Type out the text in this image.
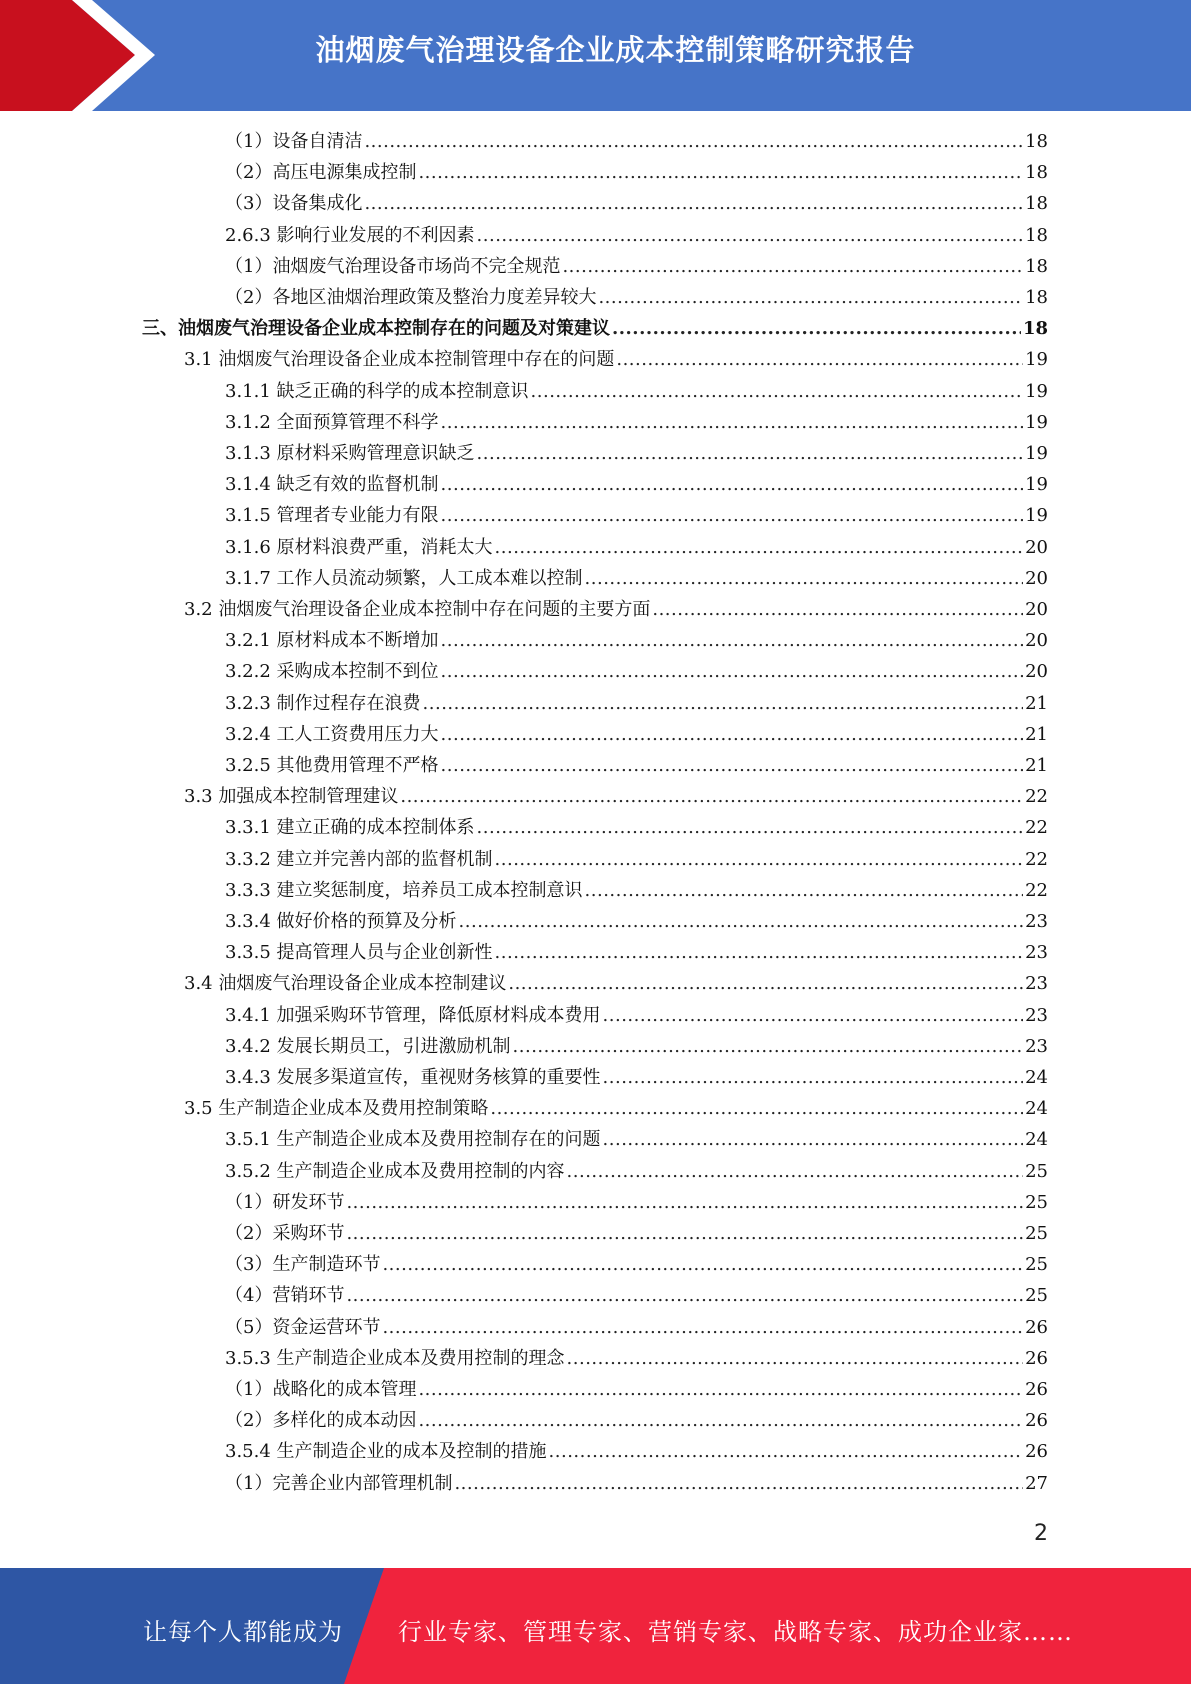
油烟废气治理设备企业成本控制策略研究报告
（1）设备自清洁 .....	18
（2）高压电源集成控制 .....	18
（3）设备集成化 .....	18
2.6.3 影响行业发展的不利因素 .....	18
（1）油烟废气治理设备市场尚不完全规范 .....	18
（2）各地区油烟治理政策及整治力度差异较大 .....	18
三、油烟废气治理设备企业成本控制存在的问题及对策建议 .....	18
3.1 油烟废气治理设备企业成本控制管理中存在的问题 .....	19
3.1.1 缺乏正确的科学的成本控制意识 .....	19
3.1.2 全面预算管理不科学 .....	19
3.1.3 原材料采购管理意识缺乏 .....	19
3.1.4 缺乏有效的监督机制 .....	19
3.1.5 管理者专业能力有限 .....	19
3.1.6 原材料浪费严重，消耗太大 .....	20
3.1.7 工作人员流动频繁，人工成本难以控制 .....	20
3.2 油烟废气治理设备企业成本控制中存在问题的主要方面 .....	20
3.2.1 原材料成本不断增加 .....	20
3.2.2 采购成本控制不到位 .....	20
3.2.3 制作过程存在浪费 .....	21
3.2.4 工人工资费用压力大 .....	21
3.2.5 其他费用管理不严格 .....	21
3.3 加强成本控制管理建议 .....	22
3.3.1 建立正确的成本控制体系 .....	22
3.3.2 建立并完善内部的监督机制 .....	22
3.3.3 建立奖惩制度，培养员工成本控制意识 .....	22
3.3.4 做好价格的预算及分析 .....	23
3.3.5 提高管理人员与企业创新性 .....	23
3.4 油烟废气治理设备企业成本控制建议 .....	23
3.4.1 加强采购环节管理，降低原材料成本费用 .....	23
3.4.2 发展长期员工，引进激励机制 .....	23
3.4.3 发展多渠道宣传，重视财务核算的重要性 .....	24
3.5 生产制造企业成本及费用控制策略 .....	24
3.5.1 生产制造企业成本及费用控制存在的问题 .....	24
3.5.2 生产制造企业成本及费用控制的内容 .....	25
（1）研发环节 .....	25
（2）采购环节 .....	25
（3）生产制造环节 .....	25
（4）营销环节 .....	25
（5）资金运营环节 .....	26
3.5.3 生产制造企业成本及费用控制的理念 .....	26
（1）战略化的成本管理 .....	26
（2）多样化的成本动因 .....	26
3.5.4 生产制造企业的成本及控制的措施 .....	26
（1）完善企业内部管理机制 .....	27
2
让每个人都能成为 行业专家、管理专家、营销专家、战略专家、成功企业家……
